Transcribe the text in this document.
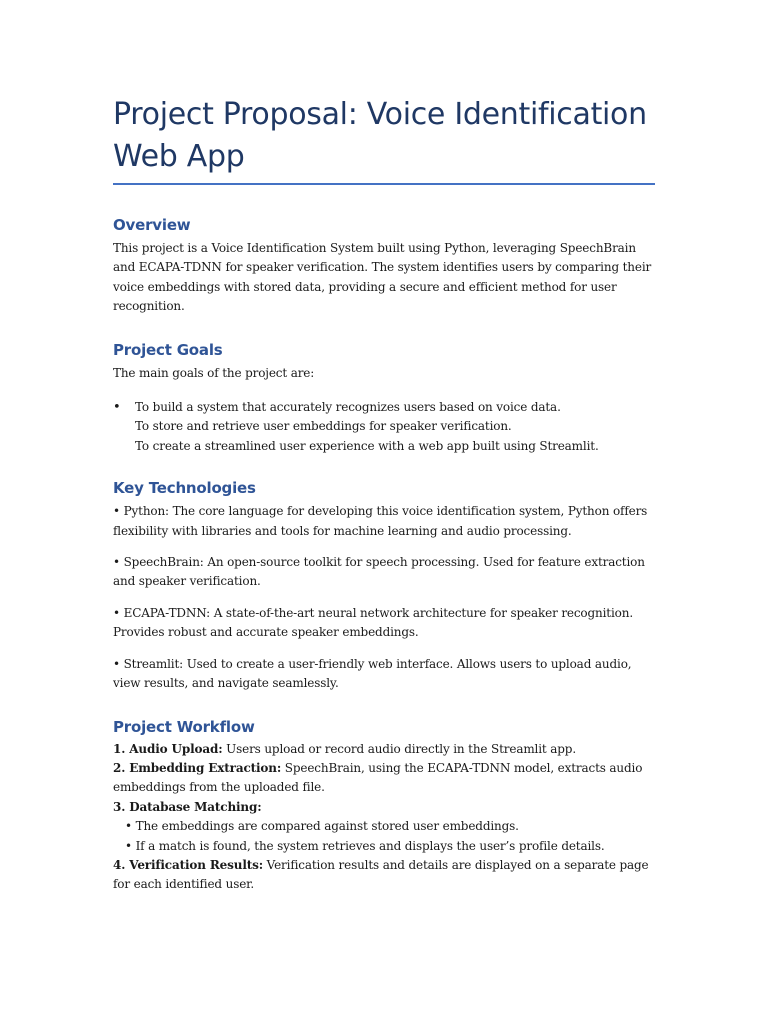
Project Proposal: Voice Identification Web App
Overview

This project is a Voice Identification System built using Python, leveraging SpeechBrain and ECAPA-TDNN for speaker verification. The system identifies users by comparing their voice embeddings with stored data, providing a secure and efficient method for user recognition.

Project Goals

The main goals of the project are:

• To build a system that accurately recognizes users based on voice data.
To store and retrieve user embeddings for speaker verification.
To create a streamlined user experience with a web app built using Streamlit.
Key Technologies

• Python: The core language for developing this voice identification system, Python offers flexibility with libraries and tools for machine learning and audio processing.

• SpeechBrain: An open-source toolkit for speech processing. Used for feature extraction and speaker verification.

• ECAPA-TDNN: A state-of-the-art neural network architecture for speaker recognition. Provides robust and accurate speaker embeddings.

• Streamlit: Used to create a user-friendly web interface. Allows users to upload audio, view results, and navigate seamlessly.

Project Workflow

1. Audio Upload: Users upload or record audio directly in the Streamlit app.

2. Embedding Extraction: SpeechBrain, using the ECAPA-TDNN model, extracts audio embeddings from the uploaded file.

3. Database Matching:

• The embeddings are compared against stored user embeddings.

• If a match is found, the system retrieves and displays the user’s profile details.

4. Verification Results: Verification results and details are displayed on a separate page for each identified user.
